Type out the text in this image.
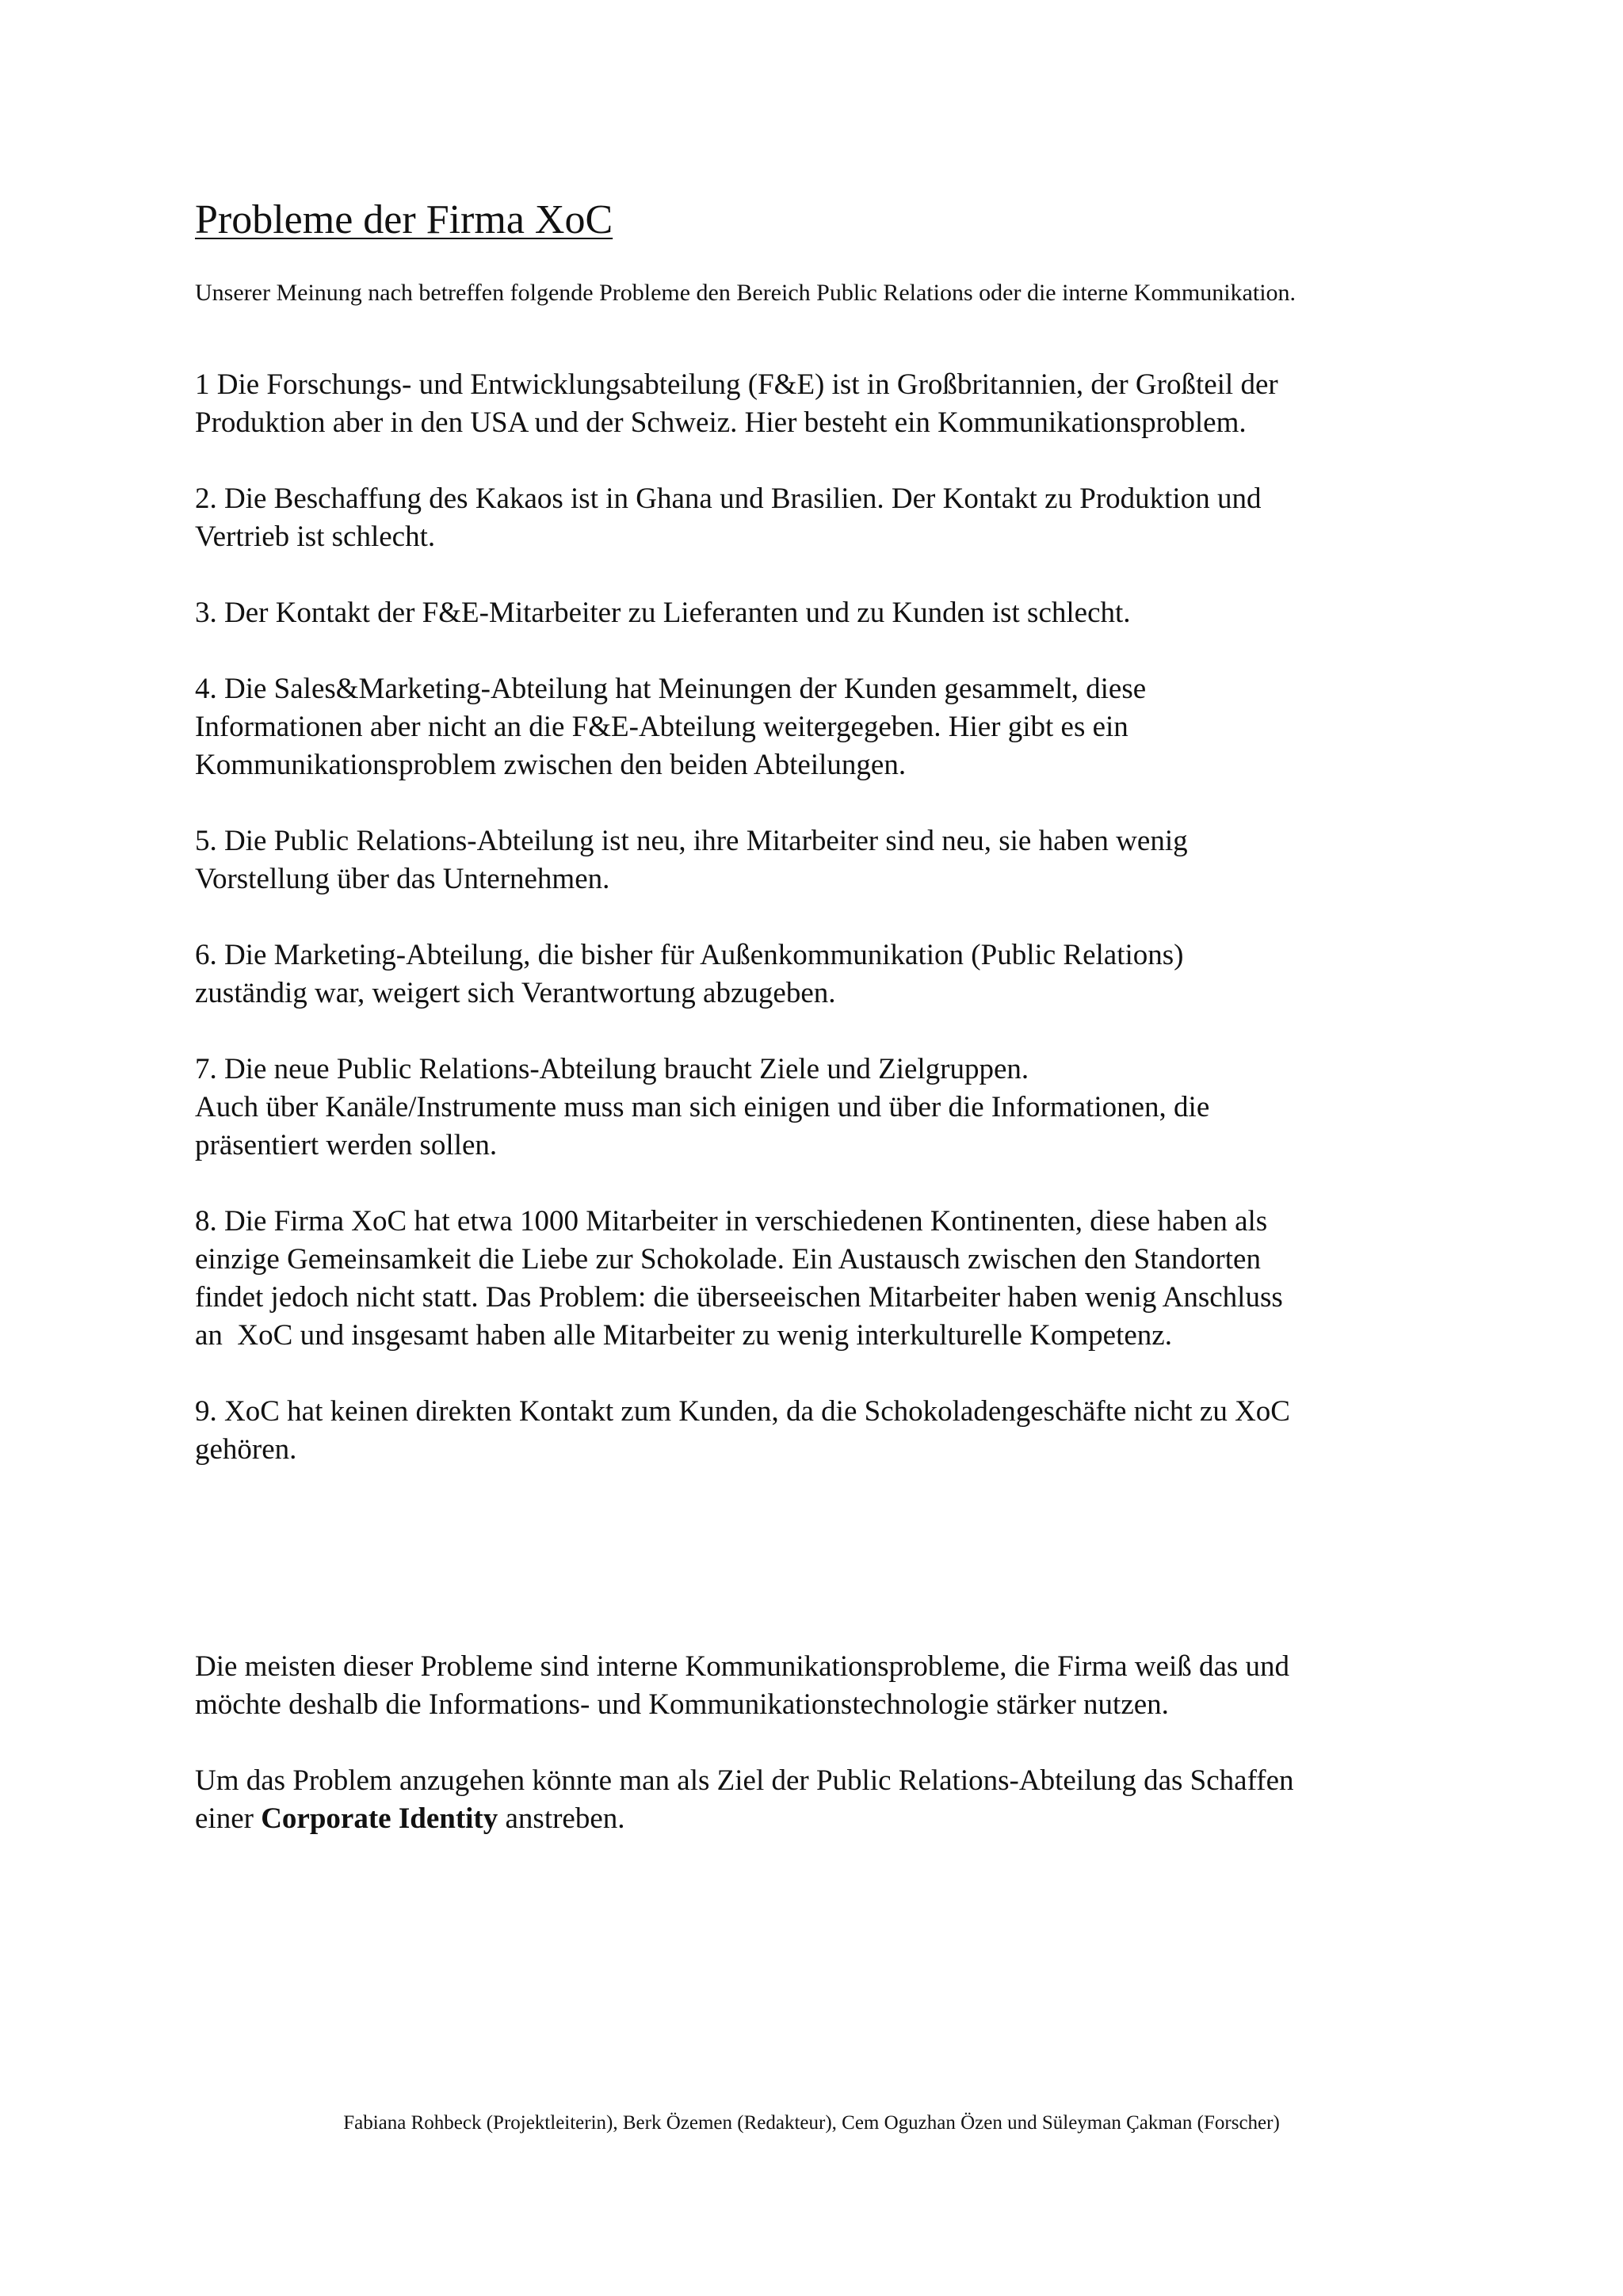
Probleme der Firma XoC

Unserer Meinung nach betreffen folgende Probleme den Bereich Public Relations oder die interne Kommunikation.

1 Die Forschungs- und Entwicklungsabteilung (F&E) ist in Großbritannien, der Großteil der
Produktion aber in den USA und der Schweiz. Hier besteht ein Kommunikationsproblem.
2. Die Beschaffung des Kakaos ist in Ghana und Brasilien. Der Kontakt zu Produktion und
Vertrieb ist schlecht.
3. Der Kontakt der F&E-Mitarbeiter zu Lieferanten und zu Kunden ist schlecht.
4. Die Sales&Marketing-Abteilung hat Meinungen der Kunden gesammelt, diese
Informationen aber nicht an die F&E-Abteilung weitergegeben. Hier gibt es ein
Kommunikationsproblem zwischen den beiden Abteilungen.
5. Die Public Relations-Abteilung ist neu, ihre Mitarbeiter sind neu, sie haben wenig
Vorstellung über das Unternehmen.
6. Die Marketing-Abteilung, die bisher für Außenkommunikation (Public Relations)
zuständig war, weigert sich Verantwortung abzugeben.
7. Die neue Public Relations-Abteilung braucht Ziele und Zielgruppen.
Auch über Kanäle/Instrumente muss man sich einigen und über die Informationen, die
präsentiert werden sollen.
8. Die Firma XoC hat etwa 1000 Mitarbeiter in verschiedenen Kontinenten, diese haben als
einzige Gemeinsamkeit die Liebe zur Schokolade. Ein Austausch zwischen den Standorten
findet jedoch nicht statt. Das Problem: die überseeischen Mitarbeiter haben wenig Anschluss
an  XoC und insgesamt haben alle Mitarbeiter zu wenig interkulturelle Kompetenz.
9. XoC hat keinen direkten Kontakt zum Kunden, da die Schokoladengeschäfte nicht zu XoC
gehören.

Die meisten dieser Probleme sind interne Kommunikationsprobleme, die Firma weiß das und
möchte deshalb die Informations- und Kommunikationstechnologie stärker nutzen.

Um das Problem anzugehen könnte man als Ziel der Public Relations-Abteilung das Schaffen
einer Corporate Identity anstreben.

Fabiana Rohbeck (Projektleiterin), Berk Özemen (Redakteur), Cem Oguzhan Özen und Süleyman Ҫakman (Forscher)
